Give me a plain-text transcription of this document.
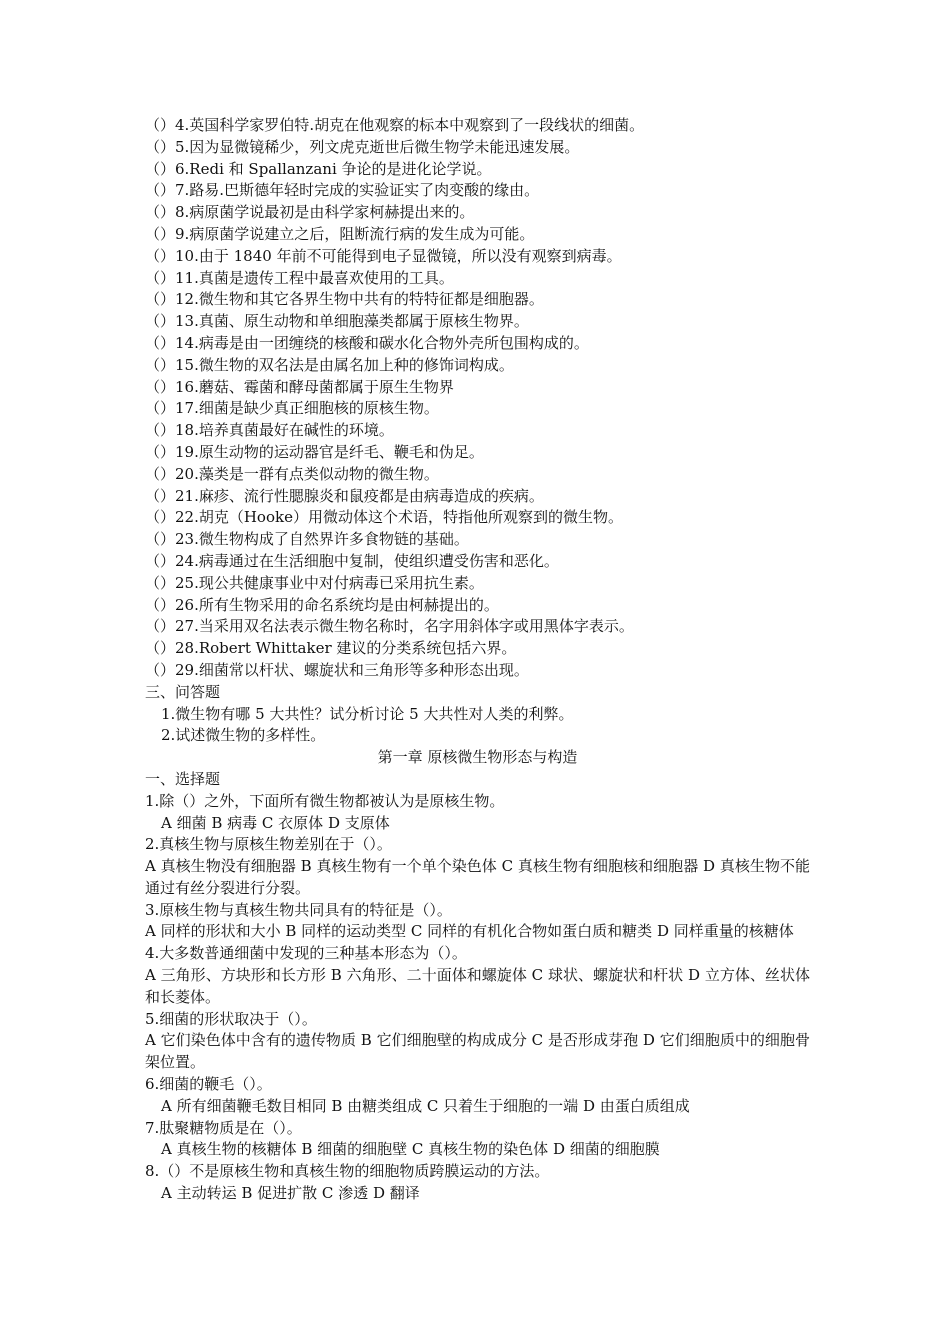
（）4.英国科学家罗伯特.胡克在他观察的标本中观察到了一段线状的细菌。
（）5.因为显微镜稀少，列文虎克逝世后微生物学未能迅速发展。
（）6.Redi 和 Spallanzani 争论的是进化论学说。
（）7.路易.巴斯德年轻时完成的实验证实了肉变酸的缘由。
（）8.病原菌学说最初是由科学家柯赫提出来的。
（）9.病原菌学说建立之后，阻断流行病的发生成为可能。
（）10.由于 1840 年前不可能得到电子显微镜，所以没有观察到病毒。
（）11.真菌是遗传工程中最喜欢使用的工具。
（）12.微生物和其它各界生物中共有的特特征都是细胞器。
（）13.真菌、原生动物和单细胞藻类都属于原核生物界。
（）14.病毒是由一团缠绕的核酸和碳水化合物外壳所包围构成的。
（）15.微生物的双名法是由属名加上种的修饰词构成。
（）16.蘑菇、霉菌和酵母菌都属于原生生物界
（）17.细菌是缺少真正细胞核的原核生物。
（）18.培养真菌最好在碱性的环境。
（）19.原生动物的运动器官是纤毛、鞭毛和伪足。
（）20.藻类是一群有点类似动物的微生物。
（）21.麻疹、流行性腮腺炎和鼠疫都是由病毒造成的疾病。
（）22.胡克（Hooke）用微动体这个术语，特指他所观察到的微生物。
（）23.微生物构成了自然界许多食物链的基础。
（）24.病毒通过在生活细胞中复制，使组织遭受伤害和恶化。
（）25.现公共健康事业中对付病毒已采用抗生素。
（）26.所有生物采用的命名系统均是由柯赫提出的。
（）27.当采用双名法表示微生物名称时，名字用斜体字或用黑体字表示。
（）28.Robert Whittaker 建议的分类系统包括六界。
（）29.细菌常以杆状、螺旋状和三角形等多种形态出现。
三、问答题
1.微生物有哪 5 大共性？试分析讨论 5 大共性对人类的利弊。
2.试述微生物的多样性。
第一章 原核微生物形态与构造
一、选择题
1.除（）之外，下面所有微生物都被认为是原核生物。
A 细菌 B 病毒 C 衣原体 D 支原体
2.真核生物与原核生物差别在于（）。
A 真核生物没有细胞器 B 真核生物有一个单个染色体 C 真核生物有细胞核和细胞器 D 真核生物不能通过有丝分裂进行分裂。
3.原核生物与真核生物共同具有的特征是（）。
A 同样的形状和大小 B 同样的运动类型 C 同样的有机化合物如蛋白质和糖类 D 同样重量的核糖体
4.大多数普通细菌中发现的三种基本形态为（）。
A 三角形、方块形和长方形 B 六角形、二十面体和螺旋体 C 球状、螺旋状和杆状 D 立方体、丝状体和长菱体。
5.细菌的形状取决于（）。
A 它们染色体中含有的遗传物质 B 它们细胞壁的构成成分 C 是否形成芽孢 D 它们细胞质中的细胞骨架位置。
6.细菌的鞭毛（）。
A 所有细菌鞭毛数目相同 B 由糖类组成 C 只着生于细胞的一端 D 由蛋白质组成
7.肽聚糖物质是在（）。
A 真核生物的核糖体 B 细菌的细胞壁 C 真核生物的染色体 D 细菌的细胞膜
8.（）不是原核生物和真核生物的细胞物质跨膜运动的方法。
A 主动转运 B 促进扩散 C 渗透 D 翻译
